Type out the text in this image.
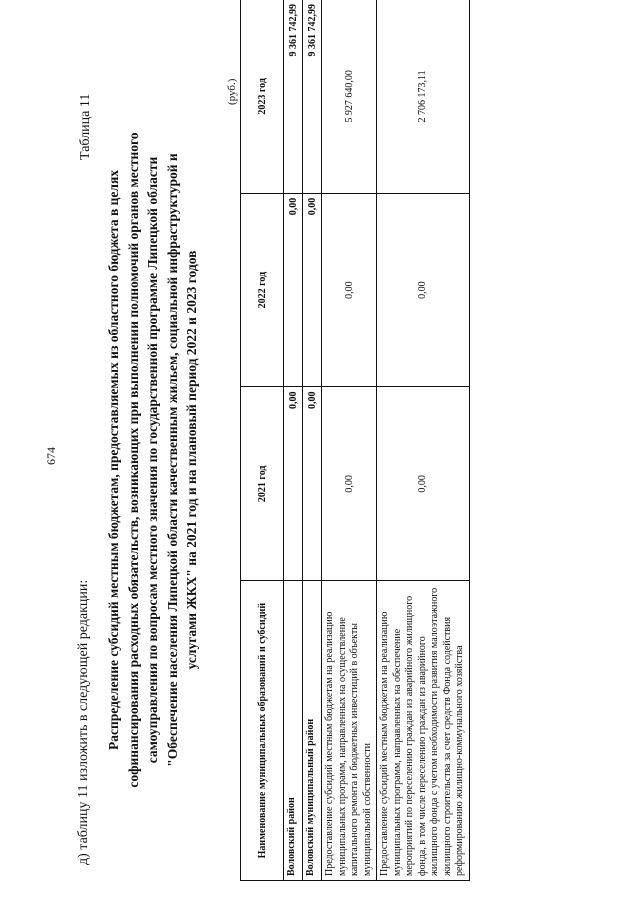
674
д) таблицу 11 изложить в следующей редакции:
Таблица 11
Распределение субсидий местным бюджетам, предоставляемых из областного бюджета в целях софинансирования расходных обязательств, возникающих при выполнении полномочий органов местного самоуправления по вопросам местного значения по государственной программе Липецкой области "Обеспечение населения Липецкой области качественным жильем, социальной инфраструктурой и услугами ЖКХ" на 2021 год и на плановый период 2022 и 2023 годов
(руб.)
Наименование муниципальных образований и субсидий	2021 год	2022 год	2023 год
Воловский район	0,00	0,00	9 361 742,99
Воловский муниципальный район	0,00	0,00	9 361 742,99
Предоставление субсидий местным бюджетам на реализацию муниципальных программ, направленных на осуществление капитального ремонта и бюджетных инвестиций в объекты муниципальной собственности	0,00	0,00	5 927 640,00
Предоставление субсидий местным бюджетам на реализацию муниципальных программ, направленных на обеспечение мероприятий по переселению граждан из аварийного жилищного фонда, в том числе переселению граждан из аварийного жилищного фонда с учетом необходимости развития малоэтажного жилищного строительства за счет средств Фонда содействия реформированию жилищно-коммунального хозяйства	0,00	0,00	2 706 173,11
